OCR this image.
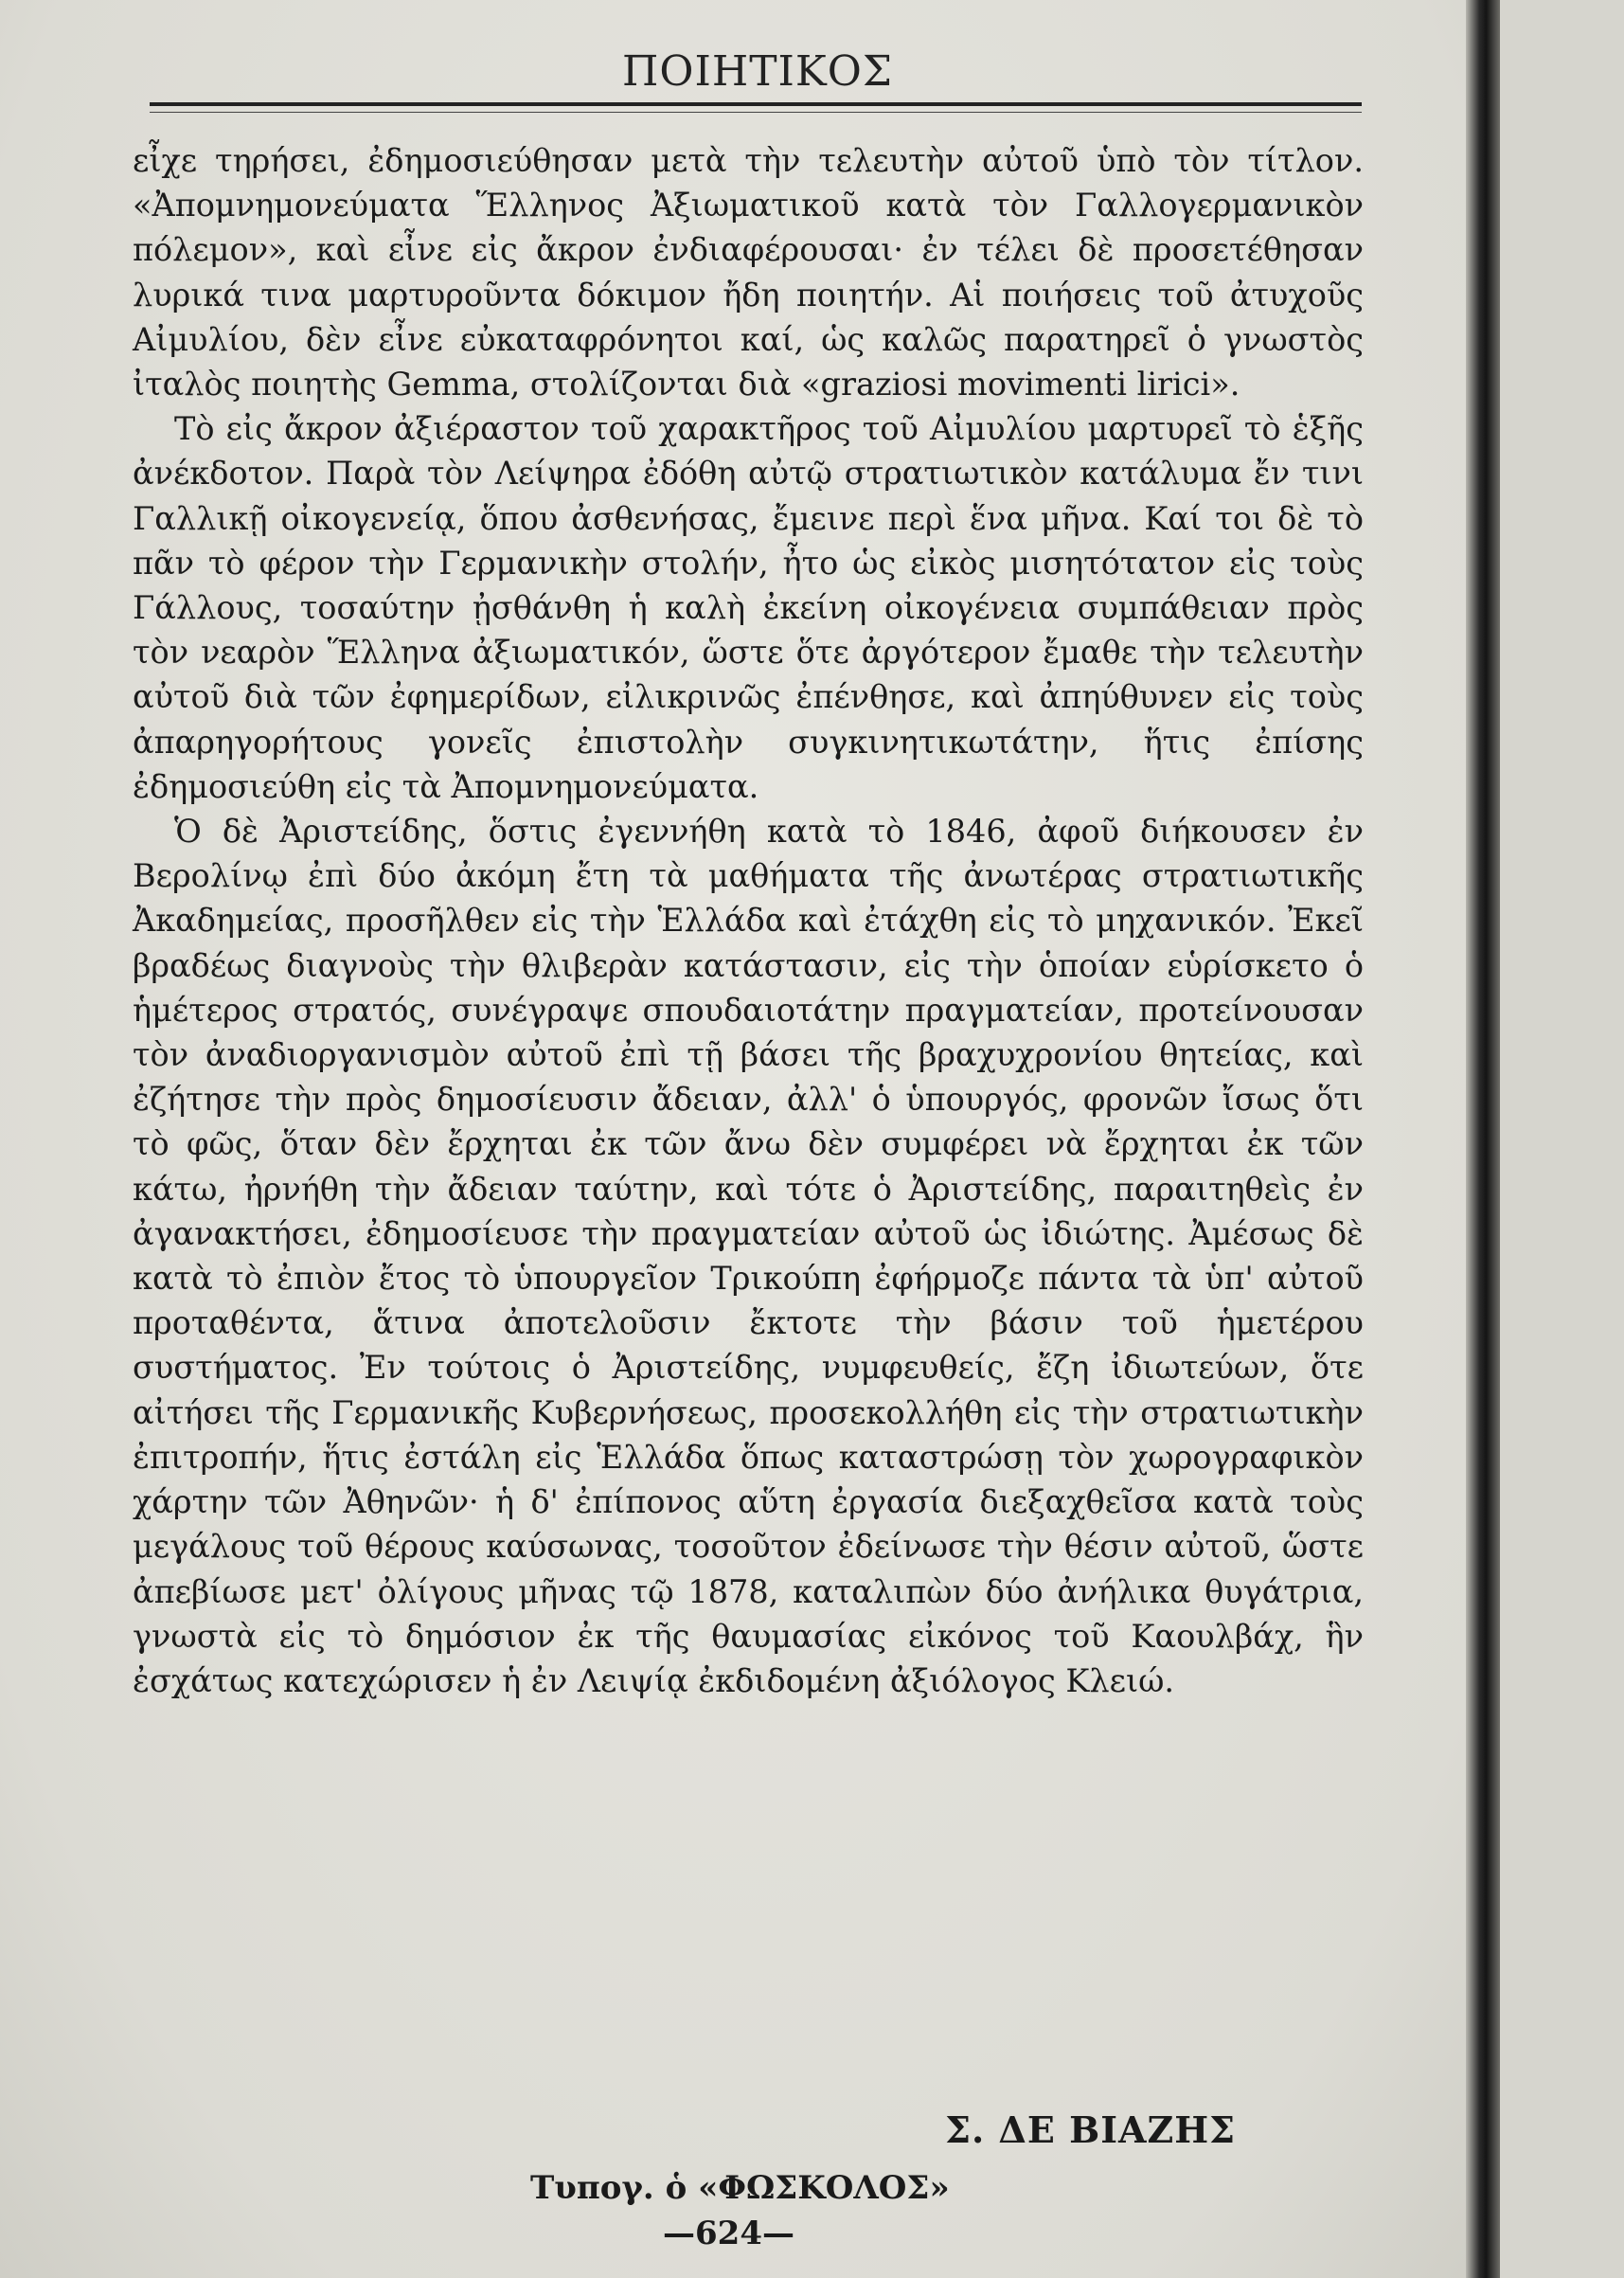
ΠΟΙΗΤΙΚΟΣ

εἶχε τηρήσει, ἐδημοσιεύθησαν μετὰ τὴν τελευτὴν αὐτοῦ ὑπὸ τὸν τίτλον. «Ἀπομνημονεύματα Ἕλληνος Ἀξιωματικοῦ κατὰ τὸν Γαλλογερμανικὸν πόλεμον», καὶ εἶνε εἰς ἄκρον ἐνδιαφέρουσαι· ἐν τέλει δὲ προσετέθησαν λυρικά τινα μαρτυροῦντα δόκιμον ἤδη ποιητήν. Αἱ ποιήσεις τοῦ ἀτυχοῦς Αἰμυλίου, δὲν εἶνε εὐκαταφρόνητοι καί, ὡς καλῶς παρατηρεῖ ὁ γνωστὸς ἰταλὸς ποιητὴς Gemma, στολίζονται διὰ «graziosi movimenti lirici».

Τὸ εἰς ἄκρον ἀξιέραστον τοῦ χαρακτῆρος τοῦ Αἰμυλίου μαρτυρεῖ τὸ ἑξῆς ἀνέκδοτον. Παρὰ τὸν Λείψηρα ἐδόθη αὐτῷ στρατιωτικὸν κατάλυμα ἔν τινι Γαλλικῇ οἰκογενείᾳ, ὅπου ἀσθενήσας, ἔμεινε περὶ ἕνα μῆνα. Καί τοι δὲ τὸ πᾶν τὸ φέρον τὴν Γερμανικὴν στολήν, ἦτο ὡς εἰκὸς μισητότατον εἰς τοὺς Γάλλους, τοσαύτην ᾐσθάνθη ἡ καλὴ ἐκείνη οἰκογένεια συμπάθειαν πρὸς τὸν νεαρὸν Ἕλληνα ἀξιωματικόν, ὥστε ὅτε ἀργότερον ἔμαθε τὴν τελευτὴν αὐτοῦ διὰ τῶν ἐφημερίδων, εἰλικρινῶς ἐπένθησε, καὶ ἀπηύθυνεν εἰς τοὺς ἀπαρηγορήτους γονεῖς ἐπιστολὴν συγκινητικωτάτην, ἥτις ἐπίσης ἐδημοσιεύθη εἰς τὰ Ἀπομνημονεύματα.

Ὁ δὲ Ἀριστείδης, ὅστις ἐγεννήθη κατὰ τὸ 1846, ἀφοῦ διήκουσεν ἐν Βερολίνῳ ἐπὶ δύο ἀκόμη ἔτη τὰ μαθήματα τῆς ἀνωτέρας στρατιωτικῆς Ἀκαδημείας, προσῆλθεν εἰς τὴν Ἑλλάδα καὶ ἐτάχθη εἰς τὸ μηχανικόν. Ἐκεῖ βραδέως διαγνοὺς τὴν θλιβερὰν κατάστασιν, εἰς τὴν ὁποίαν εὑρίσκετο ὁ ἡμέτερος στρατός, συνέγραψε σπουδαιοτάτην πραγματείαν, προτείνουσαν τὸν ἀναδιοργανισμὸν αὐτοῦ ἐπὶ τῇ βάσει τῆς βραχυχρονίου θητείας, καὶ ἐζήτησε τὴν πρὸς δημοσίευσιν ἄδειαν, ἀλλ' ὁ ὑπουργός, φρονῶν ἴσως ὅτι τὸ φῶς, ὅταν δὲν ἔρχηται ἐκ τῶν ἄνω δὲν συμφέρει νὰ ἔρχηται ἐκ τῶν κάτω, ἠρνήθη τὴν ἄδειαν ταύτην, καὶ τότε ὁ Ἀριστείδης, παραιτηθεὶς ἐν ἀγανακτήσει, ἐδημοσίευσε τὴν πραγματείαν αὐτοῦ ὡς ἰδιώτης. Ἀμέσως δὲ κατὰ τὸ ἐπιὸν ἔτος τὸ ὑπουργεῖον Τρικούπη ἐφήρμοζε πάντα τὰ ὑπ' αὐτοῦ προταθέντα, ἅτινα ἀποτελοῦσιν ἔκτοτε τὴν βάσιν τοῦ ἡμετέρου συστήματος. Ἐν τούτοις ὁ Ἀριστείδης, νυμφευθείς, ἔζη ἰδιωτεύων, ὅτε αἰτήσει τῆς Γερμανικῆς Κυβερνήσεως, προσεκολλήθη εἰς τὴν στρατιωτικὴν ἐπιτροπήν, ἥτις ἐστάλη εἰς Ἑλλάδα ὅπως καταστρώσῃ τὸν χωρογραφικὸν χάρτην τῶν Ἀθηνῶν· ἡ δ' ἐπίπονος αὕτη ἐργασία διεξαχθεῖσα κατὰ τοὺς μεγάλους τοῦ θέρους καύσωνας, τοσοῦτον ἐδείνωσε τὴν θέσιν αὐτοῦ, ὥστε ἀπεβίωσε μετ' ὀλίγους μῆνας τῷ 1878, καταλιπὼν δύο ἀνήλικα θυγάτρια, γνωστὰ εἰς τὸ δημόσιον ἐκ τῆς θαυμασίας εἰκόνος τοῦ Καουλβάχ, ἣν ἐσχάτως κατεχώρισεν ἡ ἐν Λειψίᾳ ἐκδιδομένη ἀξιόλογος Κλειώ.

Σ. ΔΕ ΒΙΑΖΗΣ
Τυπογ. ὁ «ΦΩΣΚΟΛΟΣ»
—624—
